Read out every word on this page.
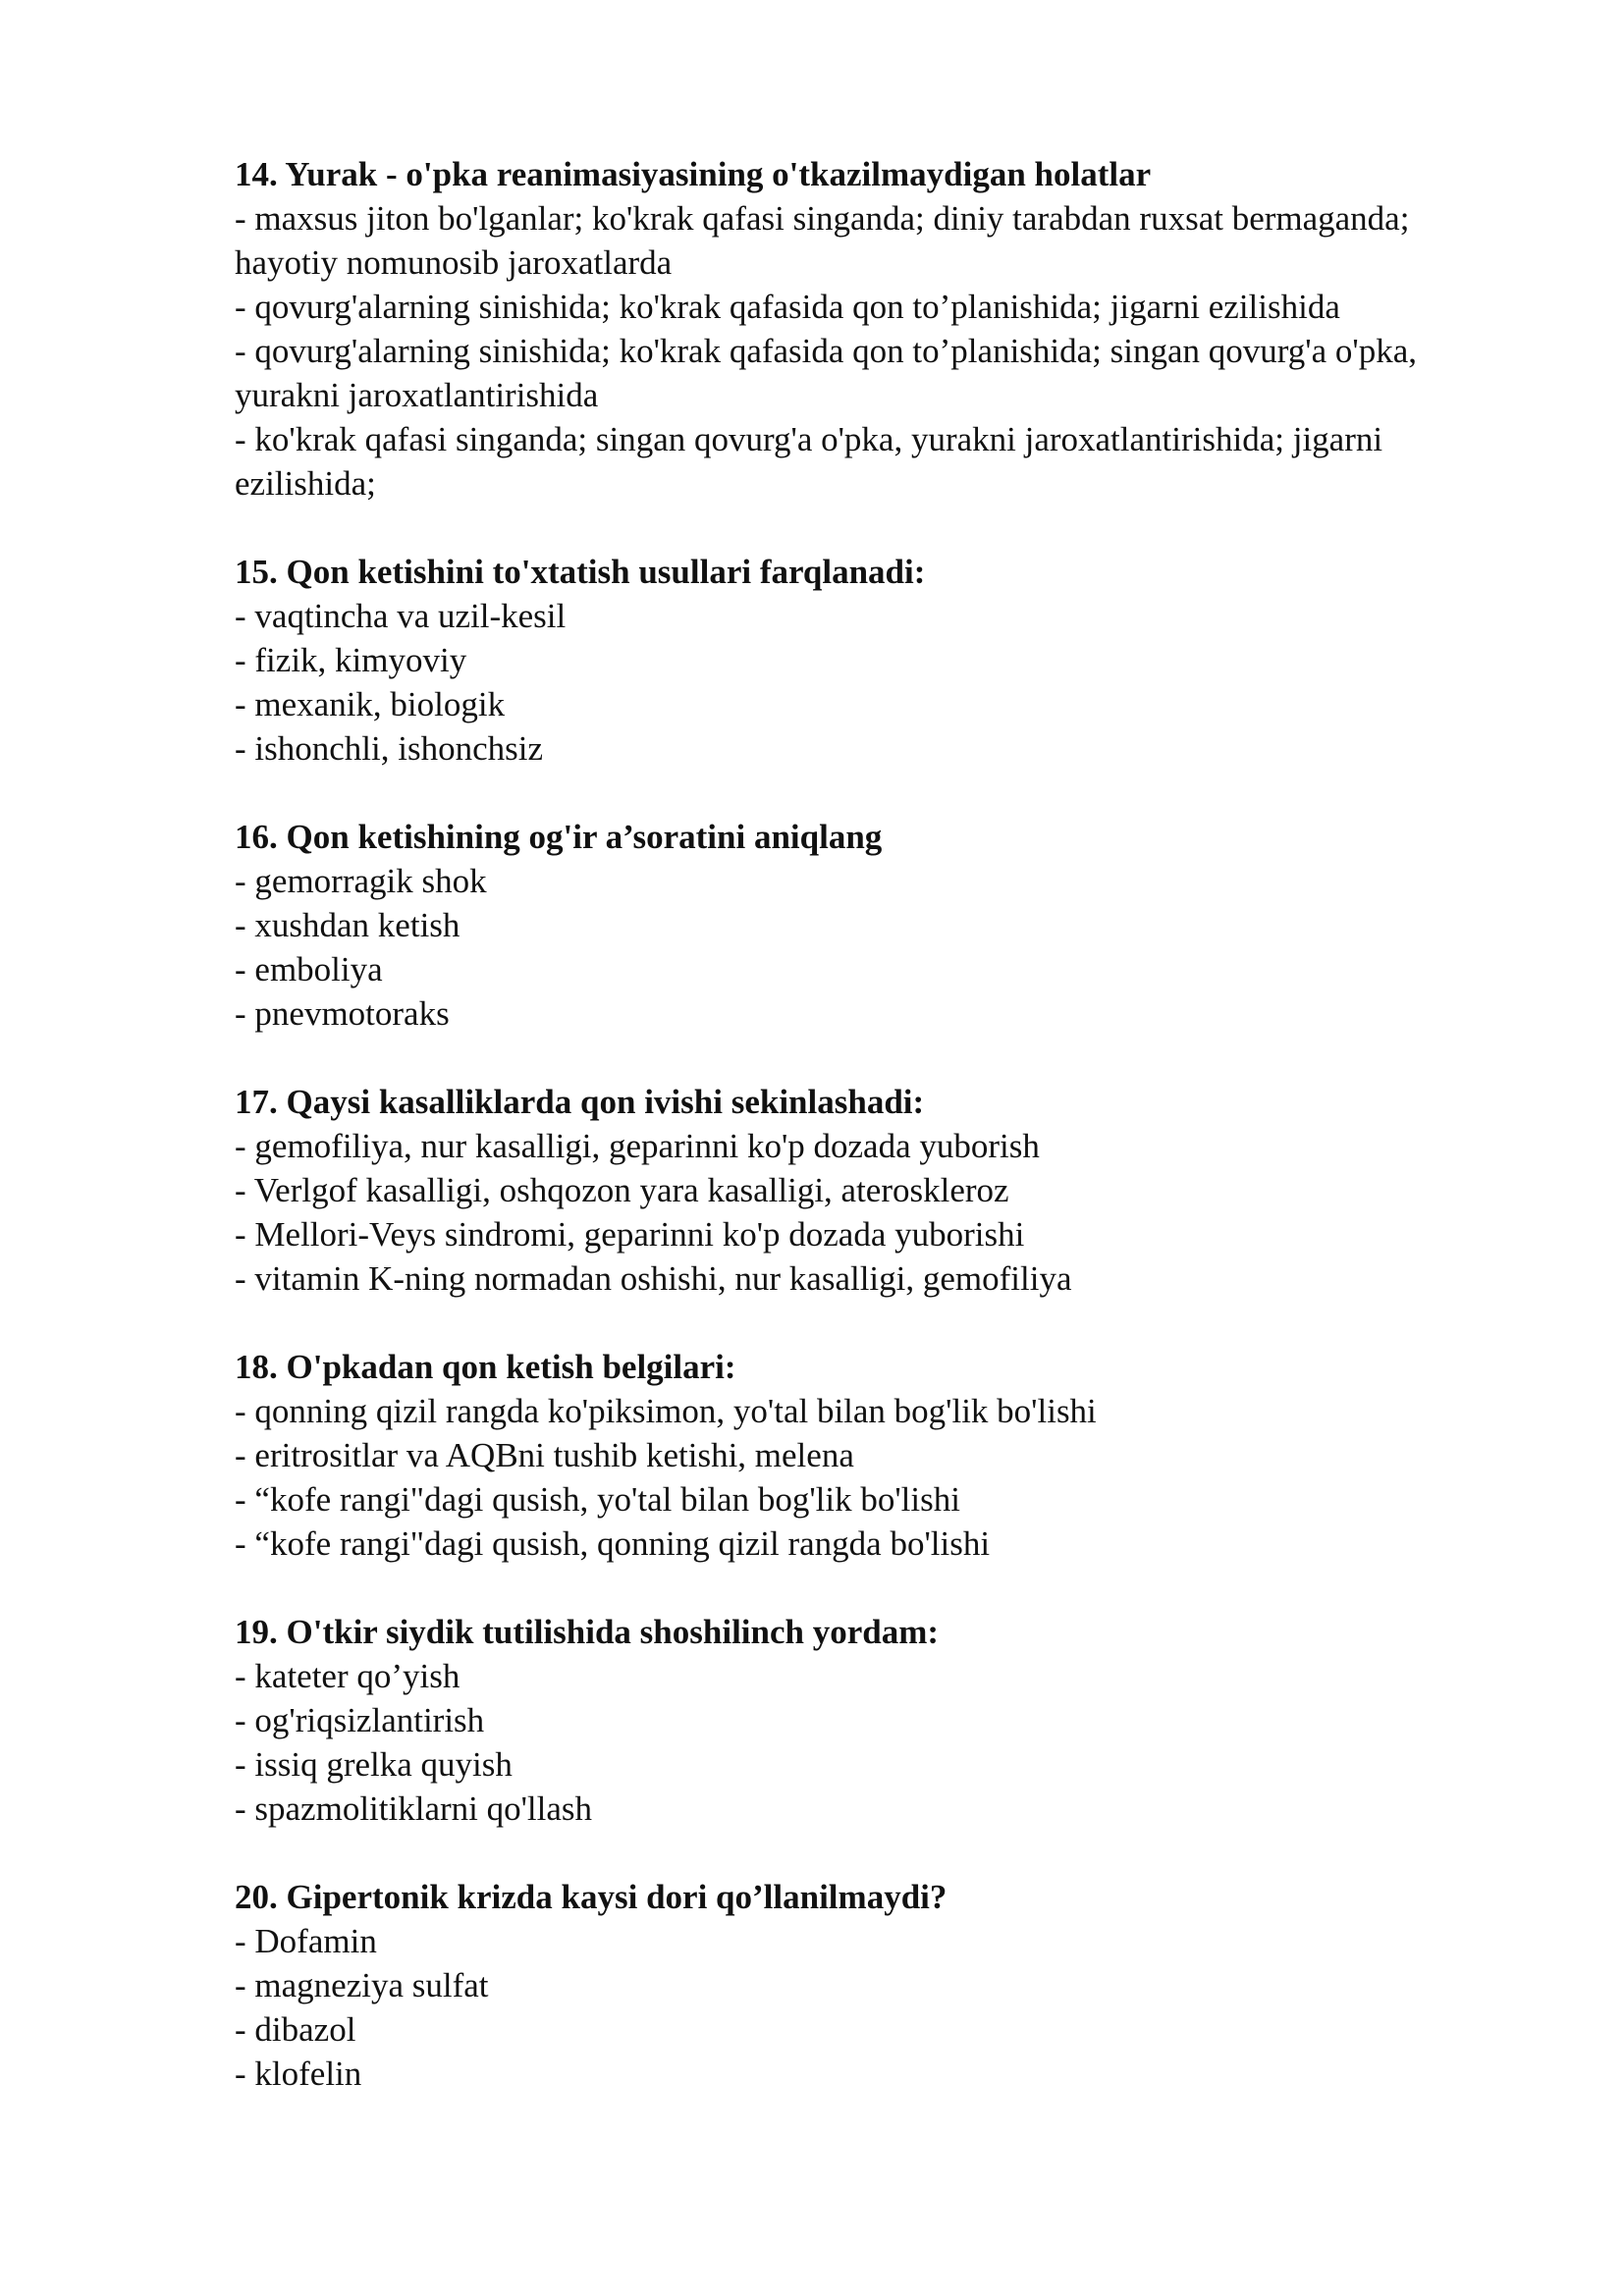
14. Yurak - o'pka reanimasiyasining o'tkazilmaydigan holatlar

- maxsus jiton bo'lganlar; ko'krak qafasi singanda; diniy tarabdan ruxsat bermaganda; hayotiy nomunosib jaroxatlarda

- qovurg'alarning sinishida; ko'krak qafasida qon to’planishida; jigarni ezilishida

- qovurg'alarning sinishida; ko'krak qafasida qon to’planishida; singan qovurg'a o'pka, yurakni jaroxatlantirishida

- ko'krak qafasi singanda; singan qovurg'a o'pka, yurakni jaroxatlantirishida; jigarni ezilishida;

15. Qon ketishini to'xtatish usullari farqlanadi:

- vaqtincha va uzil-kesil

- fizik, kimyoviy

- mexanik, biologik

- ishonchli, ishonchsiz

16. Qon ketishining og'ir a’soratini aniqlang

- gemorragik shok

- xushdan ketish

- emboliya

- pnevmotoraks

17. Qaysi kasalliklarda qon ivishi sekinlashadi:

- gemofiliya, nur kasalligi, geparinni ko'p dozada yuborish

- Verlgof kasalligi, oshqozon yara kasalligi, ateroskleroz

- Mellori-Veys sindromi, geparinni ko'p dozada yuborishi

- vitamin K-ning normadan oshishi, nur kasalligi, gemofiliya

18. O'pkadan qon ketish belgilari:

- qonning qizil rangda ko'piksimon, yo'tal bilan bog'lik bo'lishi

- eritrositlar va AQBni tushib ketishi, melena

- “kofe rangi"dagi qusish, yo'tal bilan bog'lik bo'lishi

- “kofe rangi"dagi qusish, qonning qizil rangda bo'lishi

19. O'tkir siydik tutilishida shoshilinch yordam:

- kateter qo’yish

- og'riqsizlantirish

- issiq grelka quyish

- spazmolitiklarni qo'llash

20. Gipertonik krizda kaysi dori qo’llanilmaydi?

- Dofamin

- magneziya sulfat

- dibazol

- klofelin
